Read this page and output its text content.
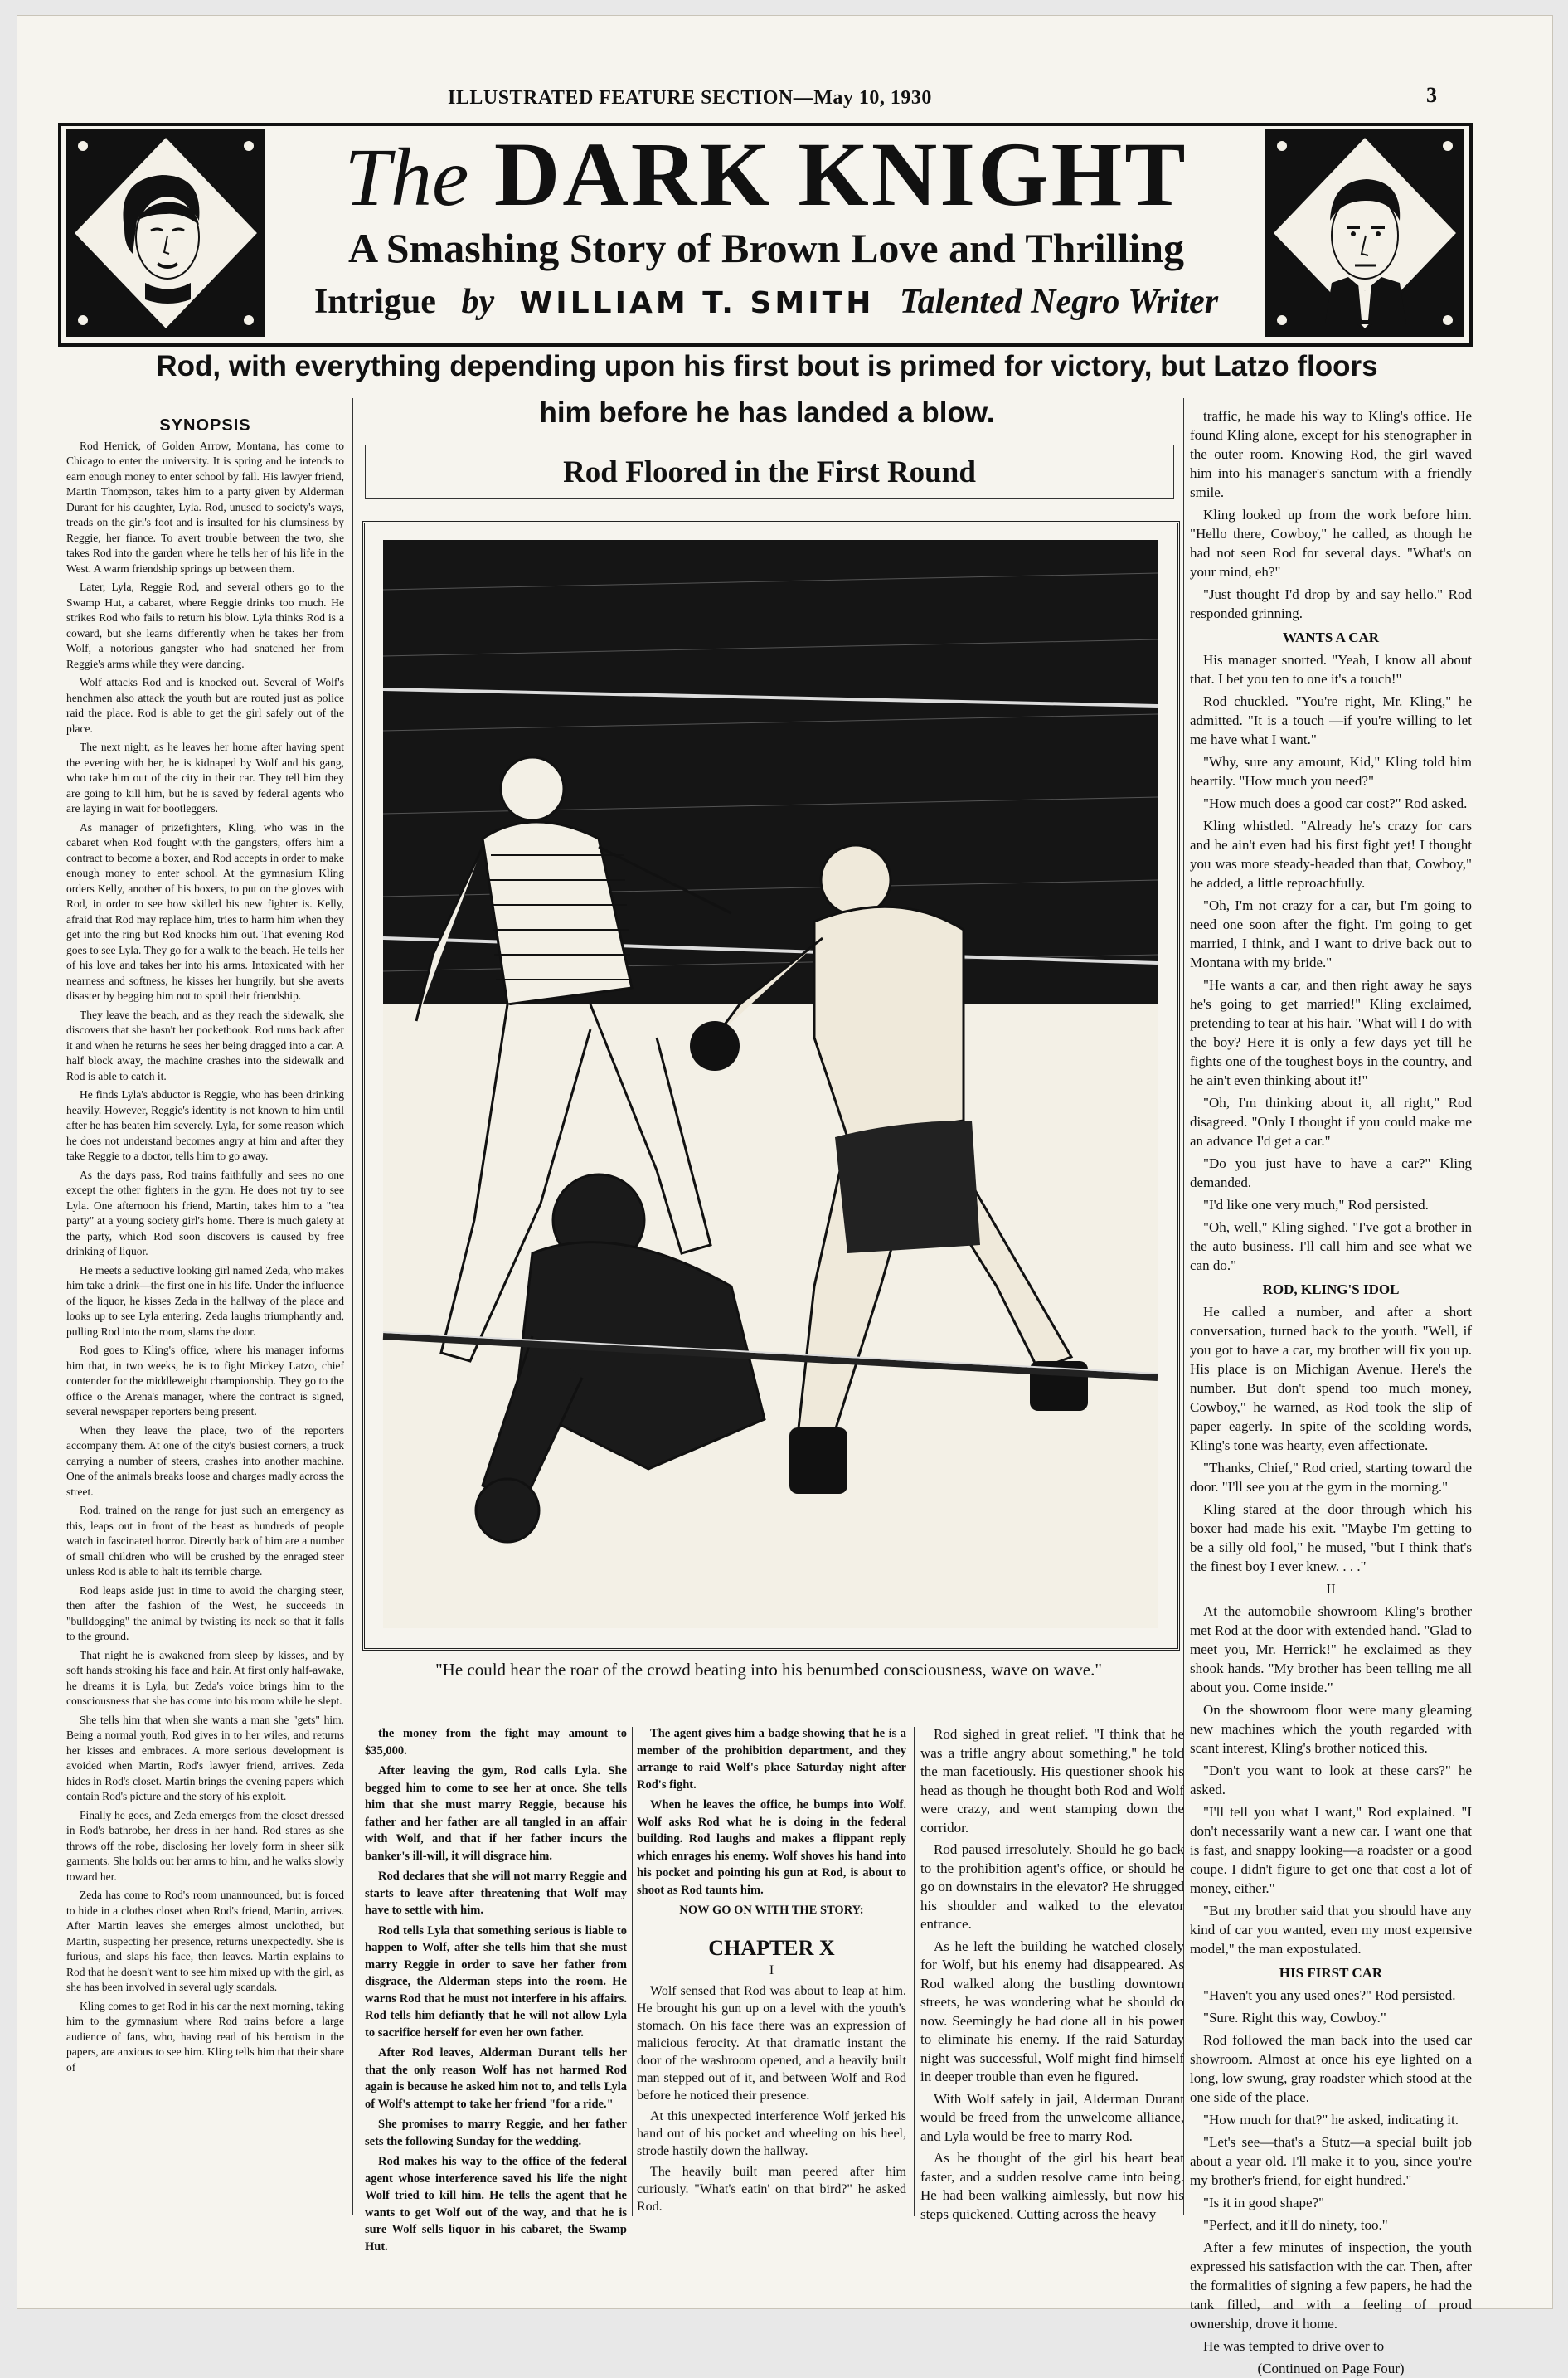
ILLUSTRATED FEATURE SECTION—May 10, 1930	3
The DARK KNIGHT
A Smashing Story of Brown Love and Thrilling
Intrigue by WILLIAM T. SMITH Talented Negro Writer
Rod, with everything depending upon his first bout is primed for victory, but Latzo floors
him before he has landed a blow.
SYNOPSIS

Rod Herrick, of Golden Arrow, Montana, has come to Chicago to enter the university. It is spring and he intends to earn enough money to enter school by fall. His lawyer friend, Martin Thompson, takes him to a party given by Alderman Durant for his daughter, Lyla. Rod, unused to society's ways, treads on the girl's foot and is insulted for his clumsiness by Reggie, her fiance. To avert trouble between the two, she takes Rod into the garden where he tells her of his life in the West. A warm friendship springs up between them.

Later, Lyla, Reggie Rod, and several others go to the Swamp Hut, a cabaret, where Reggie drinks too much. He strikes Rod who fails to return his blow. Lyla thinks Rod is a coward, but she learns differently when he takes her from Wolf, a notorious gangster who had snatched her from Reggie's arms while they were dancing.

Wolf attacks Rod and is knocked out. Several of Wolf's henchmen also attack the youth but are routed just as police raid the place. Rod is able to get the girl safely out of the place.

The next night, as he leaves her home after having spent the evening with her, he is kidnaped by Wolf and his gang, who take him out of the city in their car. They tell him they are going to kill him, but he is saved by federal agents who are laying in wait for bootleggers.

As manager of prizefighters, Kling, who was in the cabaret when Rod fought with the gangsters, offers him a contract to become a boxer, and Rod accepts in order to make enough money to enter school. At the gymnasium Kling orders Kelly, another of his boxers, to put on the gloves with Rod, in order to see how skilled his new fighter is. Kelly, afraid that Rod may replace him, tries to harm him when they get into the ring but Rod knocks him out. That evening Rod goes to see Lyla. They go for a walk to the beach. He tells her of his love and takes her into his arms. Intoxicated with her nearness and softness, he kisses her hungrily, but she averts disaster by begging him not to spoil their friendship.

They leave the beach, and as they reach the sidewalk, she discovers that she hasn't her pocketbook. Rod runs back after it and when he returns he sees her being dragged into a car. A half block away, the machine crashes into the sidewalk and Rod is able to catch it.

He finds Lyla's abductor is Reggie, who has been drinking heavily. However, Reggie's identity is not known to him until after he has beaten him severely. Lyla, for some reason which he does not understand becomes angry at him and after they take Reggie to a doctor, tells him to go away.

As the days pass, Rod trains faithfully and sees no one except the other fighters in the gym. He does not try to see Lyla. One afternoon his friend, Martin, takes him to a "tea party" at a young society girl's home. There is much gaiety at the party, which Rod soon discovers is caused by free drinking of liquor.

He meets a seductive looking girl named Zeda, who makes him take a drink—the first one in his life. Under the influence of the liquor, he kisses Zeda in the hallway of the place and looks up to see Lyla entering. Zeda laughs triumphantly and, pulling Rod into the room, slams the door.

Rod goes to Kling's office, where his manager informs him that, in two weeks, he is to fight Mickey Latzo, chief contender for the middleweight championship. They go to the office o the Arena's manager, where the contract is signed, several newspaper reporters being present.

When they leave the place, two of the reporters accompany them. At one of the city's busiest corners, a truck carrying a number of steers, crashes into another machine. One of the animals breaks loose and charges madly across the street.

Rod, trained on the range for just such an emergency as this, leaps out in front of the beast as hundreds of people watch in fascinated horror. Directly back of him are a number of small children who will be crushed by the enraged steer unless Rod is able to halt its terrible charge.

Rod leaps aside just in time to avoid the charging steer, then after the fashion of the West, he succeeds in "bulldogging" the animal by twisting its neck so that it falls to the ground.

That night he is awakened from sleep by kisses, and by soft hands stroking his face and hair. At first only half-awake, he dreams it is Lyla, but Zeda's voice brings him to the consciousness that she has come into his room while he slept.

She tells him that when she wants a man she "gets" him. Being a normal youth, Rod gives in to her wiles, and returns her kisses and embraces. A more serious development is avoided when Martin, Rod's lawyer friend, arrives. Zeda hides in Rod's closet. Martin brings the evening papers which contain Rod's picture and the story of his exploit.

Finally he goes, and Zeda emerges from the closet dressed in Rod's bathrobe, her dress in her hand. Rod stares as she throws off the robe, disclosing her lovely form in sheer silk garments. She holds out her arms to him, and he walks slowly toward her.

Zeda has come to Rod's room unannounced, but is forced to hide in a clothes closet when Rod's friend, Martin, arrives. After Martin leaves she emerges almost unclothed, but Martin, suspecting her presence, returns unexpectedly. She is furious, and slaps his face, then leaves. Martin explains to Rod that he doesn't want to see him mixed up with the girl, as she has been involved in several ugly scandals.

Kling comes to get Rod in his car the next morning, taking him to the gymnasium where Rod trains before a large audience of fans, who, having read of his heroism in the papers, are anxious to see him. Kling tells him that their share of

Rod Floored in the First Round
"He could hear the roar of the crowd beating into his benumbed consciousness, wave on wave."

the money from the fight may amount to $35,000.

After leaving the gym, Rod calls Lyla. She begged him to come to see her at once. She tells him that she must marry Reggie, because his father and her father are all tangled in an affair with Wolf, and that if her father incurs the banker's ill-will, it will disgrace him.

Rod declares that she will not marry Reggie and starts to leave after threatening that Wolf may have to settle with him.

Rod tells Lyla that something serious is liable to happen to Wolf, after she tells him that she must marry Reggie in order to save her father from disgrace, the Alderman steps into the room. He warns Rod that he must not interfere in his affairs. Rod tells him defiantly that he will not allow Lyla to sacrifice herself for even her own father.

After Rod leaves, Alderman Durant tells her that the only reason Wolf has not harmed Rod again is because he asked him not to, and tells Lyla of Wolf's attempt to take her friend "for a ride."

She promises to marry Reggie, and her father sets the following Sunday for the wedding.

Rod makes his way to the office of the federal agent whose interference saved his life the night Wolf tried to kill him. He tells the agent that he wants to get Wolf out of the way, and that he is sure Wolf sells liquor in his cabaret, the Swamp Hut.

The agent gives him a badge showing that he is a member of the prohibition department, and they arrange to raid Wolf's place Saturday night after Rod's fight.

When he leaves the office, he bumps into Wolf. Wolf asks Rod what he is doing in the federal building. Rod laughs and makes a flippant reply which enrages his enemy. Wolf shoves his hand into his pocket and pointing his gun at Rod, is about to shoot as Rod taunts him.

NOW GO ON WITH THE STORY:

CHAPTER X

I

Wolf sensed that Rod was about to leap at him. He brought his gun up on a level with the youth's stomach. On his face there was an expression of malicious ferocity. At that dramatic instant the door of the washroom opened, and a heavily built man stepped out of it, and between Wolf and Rod before he noticed their presence.

At this unexpected interference Wolf jerked his hand out of his pocket and wheeling on his heel, strode hastily down the hallway.

The heavily built man peered after him curiously. "What's eatin' on that bird?" he asked Rod.

Rod sighed in great relief. "I think that he was a trifle angry about something," he told the man facetiously. His questioner shook his head as though he thought both Rod and Wolf were crazy, and went stamping down the corridor.

Rod paused irresolutely. Should he go back to the prohibition agent's office, or should he go on downstairs in the elevator? He shrugged his shoulder and walked to the elevator entrance.

As he left the building he watched closely for Wolf, but his enemy had disappeared. As Rod walked along the bustling downtown streets, he was wondering what he should do now. Seemingly he had done all in his power to eliminate his enemy. If the raid Saturday night was successful, Wolf might find himself in deeper trouble than even he figured.

With Wolf safely in jail, Alderman Durant would be freed from the unwelcome alliance, and Lyla would be free to marry Rod.

As he thought of the girl his heart beat faster, and a sudden resolve came into being. He had been walking aimlessly, but now his steps quickened. Cutting across the heavy

traffic, he made his way to Kling's office. He found Kling alone, except for his stenographer in the outer room. Knowing Rod, the girl waved him into his manager's sanctum with a friendly smile.

Kling looked up from the work before him. "Hello there, Cowboy," he called, as though he had not seen Rod for several days. "What's on your mind, eh?"

"Just thought I'd drop by and say hello." Rod responded grinning.

WANTS A CAR

His manager snorted. "Yeah, I know all about that. I bet you ten to one it's a touch!"

Rod chuckled. "You're right, Mr. Kling," he admitted. "It is a touch —if you're willing to let me have what I want."

"Why, sure any amount, Kid," Kling told him heartily. "How much you need?"

"How much does a good car cost?" Rod asked.

Kling whistled. "Already he's crazy for cars and he ain't even had his first fight yet! I thought you was more steady-headed than that, Cowboy," he added, a little reproachfully.

"Oh, I'm not crazy for a car, but I'm going to need one soon after the fight. I'm going to get married, I think, and I want to drive back out to Montana with my bride."

"He wants a car, and then right away he says he's going to get married!" Kling exclaimed, pretending to tear at his hair. "What will I do with the boy? Here it is only a few days yet till he fights one of the toughest boys in the country, and he ain't even thinking about it!"

"Oh, I'm thinking about it, all right," Rod disagreed. "Only I thought if you could make me an advance I'd get a car."

"Do you just have to have a car?" Kling demanded.

"I'd like one very much," Rod persisted.

"Oh, well," Kling sighed. "I've got a brother in the auto business. I'll call him and see what we can do."

ROD, KLING'S IDOL

He called a number, and after a short conversation, turned back to the youth. "Well, if you got to have a car, my brother will fix you up. His place is on Michigan Avenue. Here's the number. But don't spend too much money, Cowboy," he warned, as Rod took the slip of paper eagerly. In spite of the scolding words, Kling's tone was hearty, even affectionate.

"Thanks, Chief," Rod cried, starting toward the door. "I'll see you at the gym in the morning."

Kling stared at the door through which his boxer had made his exit. "Maybe I'm getting to be a silly old fool," he mused, "but I think that's the finest boy I ever knew. . . ."

II

At the automobile showroom Kling's brother met Rod at the door with extended hand. "Glad to meet you, Mr. Herrick!" he exclaimed as they shook hands. "My brother has been telling me all about you. Come inside."

On the showroom floor were many gleaming new machines which the youth regarded with scant interest, Kling's brother noticed this.

"Don't you want to look at these cars?" he asked.

"I'll tell you what I want," Rod explained. "I don't necessarily want a new car. I want one that is fast, and snappy looking—a roadster or a good coupe. I didn't figure to get one that cost a lot of money, either."

"But my brother said that you should have any kind of car you wanted, even my most expensive model," the man expostulated.

HIS FIRST CAR

"Haven't you any used ones?" Rod persisted.

"Sure. Right this way, Cowboy."

Rod followed the man back into the used car showroom. Almost at once his eye lighted on a long, low swung, gray roadster which stood at the one side of the place.

"How much for that?" he asked, indicating it.

"Let's see—that's a Stutz—a special built job about a year old. I'll make it to you, since you're my brother's friend, for eight hundred."

"Is it in good shape?"

"Perfect, and it'll do ninety, too."

After a few minutes of inspection, the youth expressed his satisfaction with the car. Then, after the formalities of signing a few papers, he had the tank filled, and with a feeling of proud ownership, drove it home.

He was tempted to drive over to

(Continued on Page Four)
